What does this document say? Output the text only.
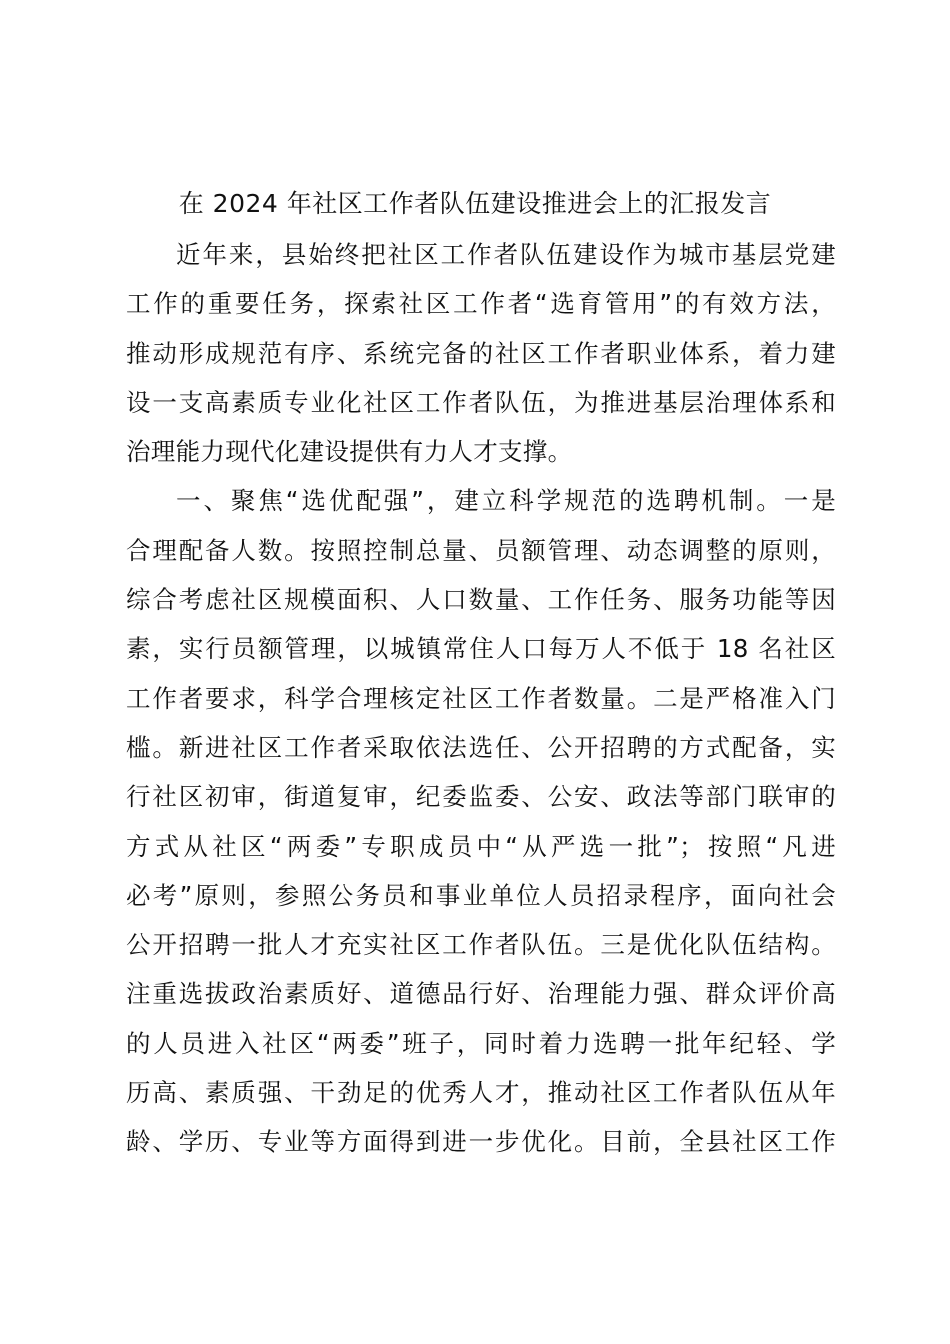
在 2024 年社区工作者队伍建设推进会上的汇报发言
近年来，县始终把社区工作者队伍建设作为城市基层党建
工作的重要任务，探索社区工作者“选育管用”的有效方法，
推动形成规范有序、系统完备的社区工作者职业体系，着力建
设一支高素质专业化社区工作者队伍，为推进基层治理体系和
治理能力现代化建设提供有力人才支撑。
一、聚焦“选优配强”，建立科学规范的选聘机制。一是
合理配备人数。按照控制总量、员额管理、动态调整的原则，
综合考虑社区规模面积、人口数量、工作任务、服务功能等因
素，实行员额管理，以城镇常住人口每万人不低于 18 名社区
工作者要求，科学合理核定社区工作者数量。二是严格准入门
槛。新进社区工作者采取依法选任、公开招聘的方式配备，实
行社区初审，街道复审，纪委监委、公安、政法等部门联审的
方式从社区“两委”专职成员中“从严选一批”；按照“凡进
必考”原则，参照公务员和事业单位人员招录程序，面向社会
公开招聘一批人才充实社区工作者队伍。三是优化队伍结构。
注重选拔政治素质好、道德品行好、治理能力强、群众评价高
的人员进入社区“两委”班子，同时着力选聘一批年纪轻、学
历高、素质强、干劲足的优秀人才，推动社区工作者队伍从年
龄、学历、专业等方面得到进一步优化。目前，全县社区工作
